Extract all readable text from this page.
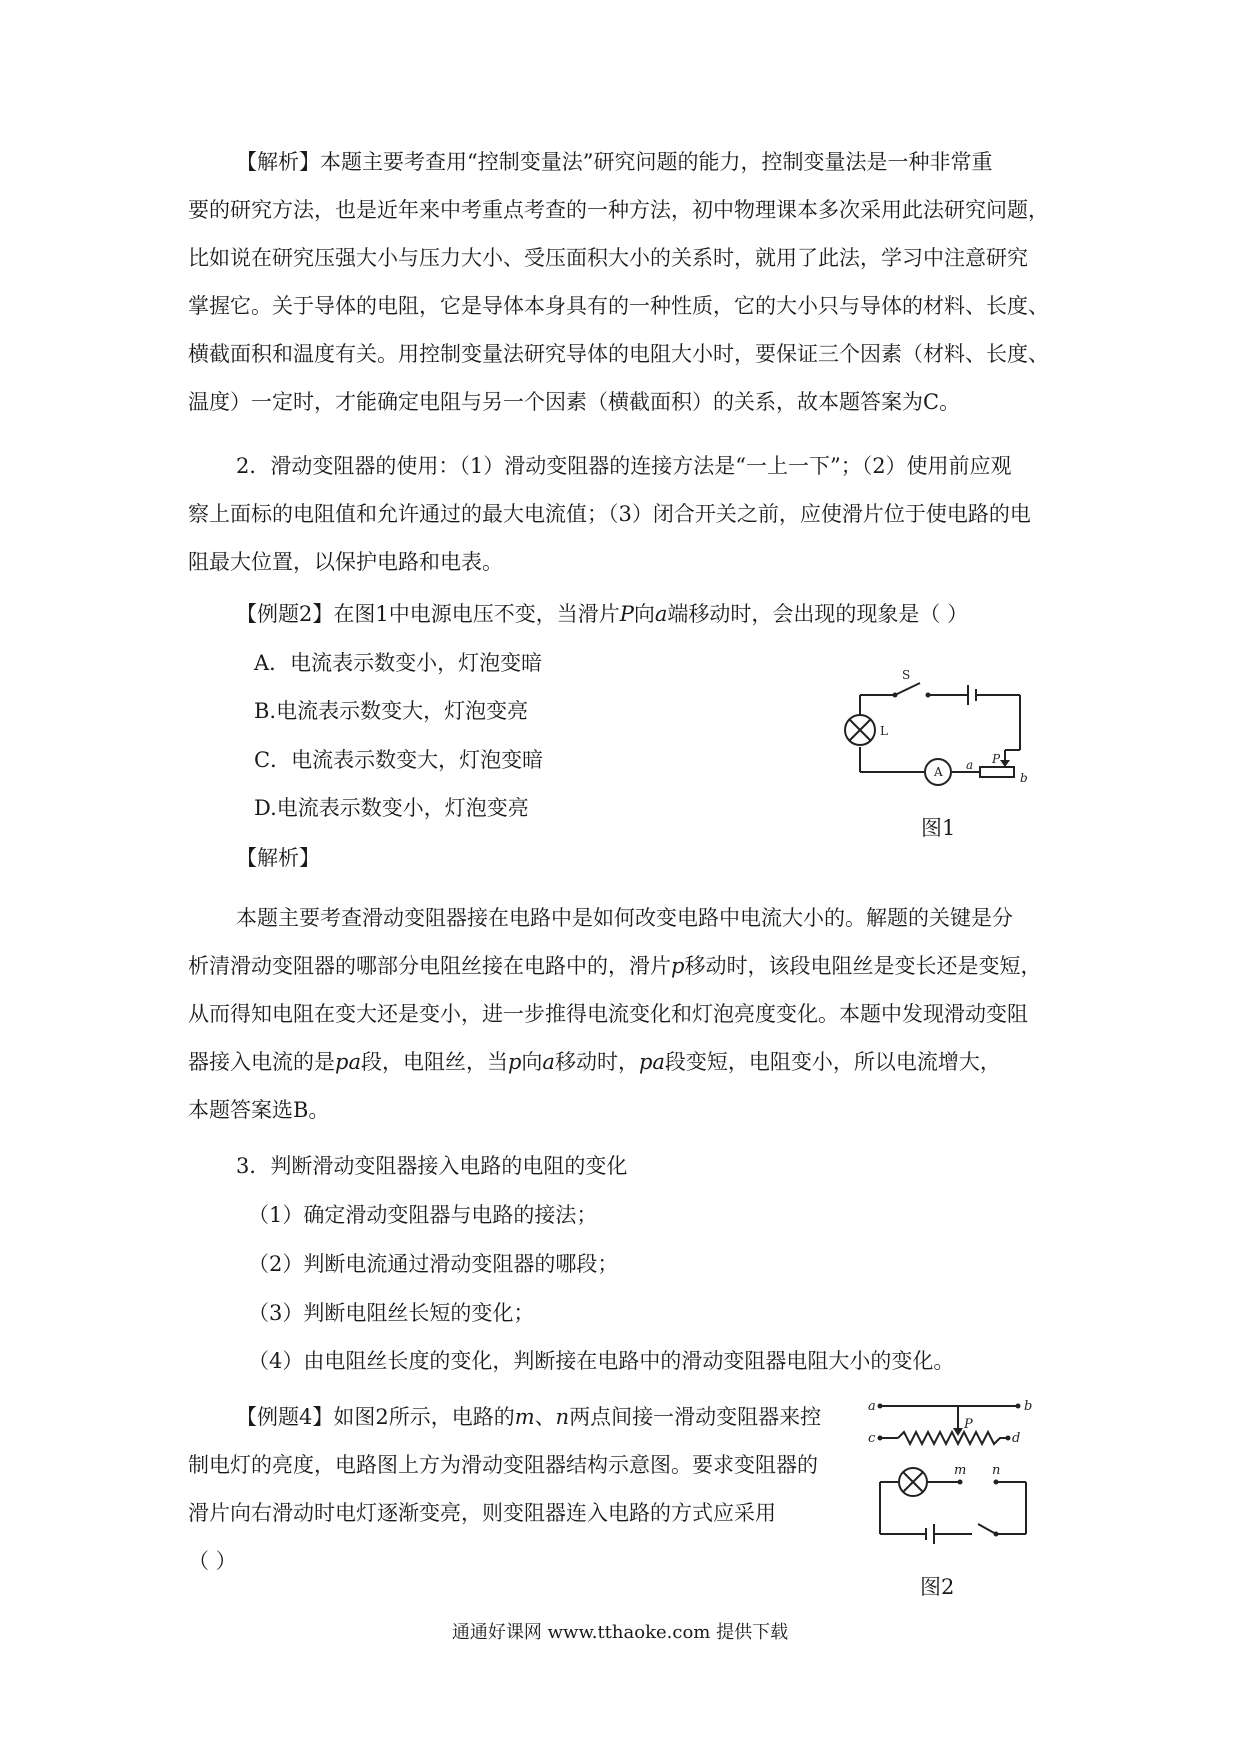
【解析】本题主要考查用“控制变量法”研究问题的能力，控制变量法是一种非常重
要的研究方法，也是近年来中考重点考查的一种方法，初中物理课本多次采用此法研究问题，
比如说在研究压强大小与压力大小、受压面积大小的关系时，就用了此法，学习中注意研究
掌握它。关于导体的电阻，它是导体本身具有的一种性质，它的大小只与导体的材料、长度、
横截面积和温度有关。用控制变量法研究导体的电阻大小时，要保证三个因素（材料、长度、
温度）一定时，才能确定电阻与另一个因素（横截面积）的关系，故本题答案为C。
2．滑动变阻器的使用：（1）滑动变阻器的连接方法是“一上一下”；（2）使用前应观
察上面标的电阻值和允许通过的最大电流值；（3）闭合开关之前，应使滑片位于使电路的电
阻最大位置，以保护电路和电表。

【例题2】在图1中电源电压不变，当滑片P向a端移动时，会出现的现象是（ ）

A．电流表示数变小，灯泡变暗

B.电流表示数变大，灯泡变亮

C．电流表示数变大，灯泡变暗

D.电流表示数变小，灯泡变亮

S
L
A
P
a
b

图1

【解析】

本题主要考查滑动变阻器接在电路中是如何改变电路中电流大小的。解题的关键是分
析清滑动变阻器的哪部分电阻丝接在电路中的，滑片p移动时，该段电阻丝是变长还是变短，
从而得知电阻在变大还是变小，进一步推得电流变化和灯泡亮度变化。本题中发现滑动变阻
器接入电流的是pa段，电阻丝，当p向a移动时，pa段变短，电阻变小，所以电流增大，
本题答案选B。

3．判断滑动变阻器接入电路的电阻的变化

（1）确定滑动变阻器与电路的接法；

（2）判断电流通过滑动变阻器的哪段；

（3）判断电阻丝长短的变化；

（4）由电阻丝长度的变化，判断接在电路中的滑动变阻器电阻大小的变化。

【例题4】如图2所示，电路的m、n两点间接一滑动变阻器来控
制电灯的亮度，电路图上方为滑动变阻器结构示意图。要求变阻器的
滑片向右滑动时电灯逐渐变亮，则变阻器连入电路的方式应采用
（ ）
a	b
c	d
P
m n

图2

通通好课网 www.tthaoke.com 提供下载
